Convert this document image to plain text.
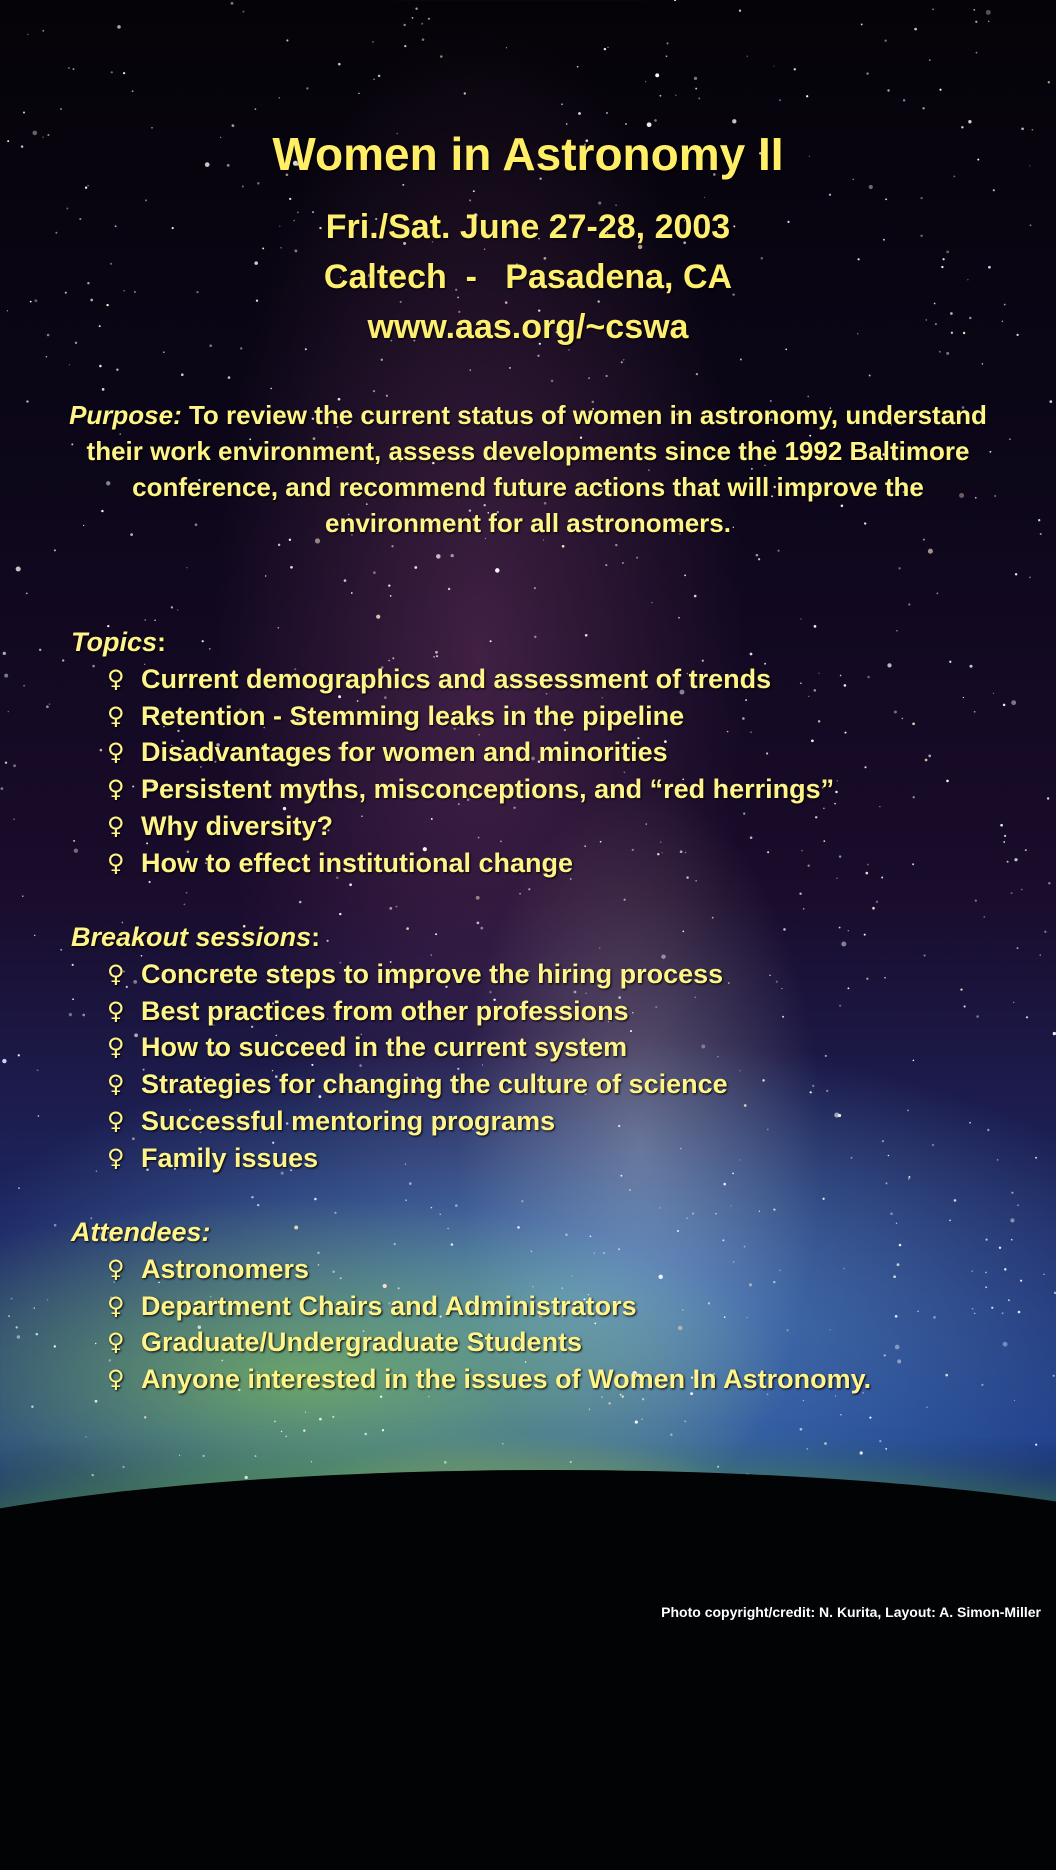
Women in Astronomy II
Fri./Sat. June 27-28, 2003
Caltech  -   Pasadena, CA
www.aas.org/~cswa
Purpose: To review the current status of women in astronomy, understand their work environment, assess developments since the 1992 Baltimore conference, and recommend future actions that will improve the environment for all astronomers.
Topics:
♀ Current demographics and assessment of trends
♀ Retention - Stemming leaks in the pipeline
♀ Disadvantages for women and minorities
♀ Persistent myths, misconceptions, and “red herrings”
♀ Why diversity?
♀ How to effect institutional change
Breakout sessions:
♀ Concrete steps to improve the hiring process
♀ Best practices from other professions
♀ How to succeed in the current system
♀ Strategies for changing the culture of science
♀ Successful mentoring programs
♀ Family issues
Attendees:
♀ Astronomers
♀ Department Chairs and Administrators
♀ Graduate/Undergraduate Students
♀ Anyone interested in the issues of Women In Astronomy.
Photo copyright/credit: N. Kurita, Layout: A. Simon-Miller
